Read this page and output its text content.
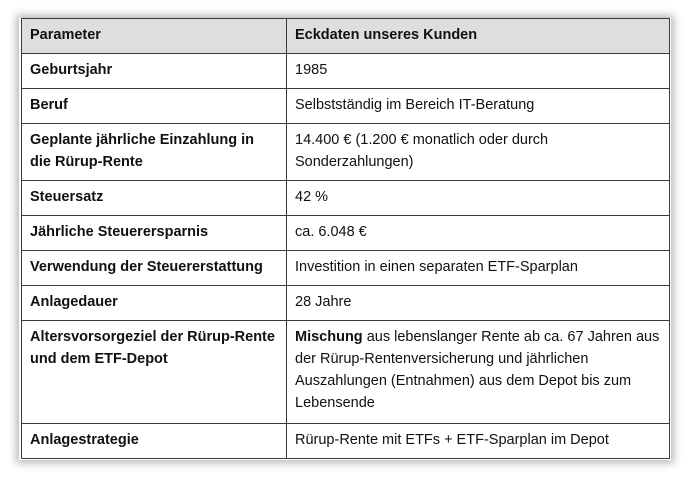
Parameter	Eckdaten unseres Kunden
Geburtsjahr	1985
Beruf	Selbstständig im Bereich IT-Beratung
Geplante jährliche Einzahlung in die Rürup-Rente	14.400 € (1.200 € monatlich oder durch Sonderzahlungen)
Steuersatz	42 %
Jährliche Steuerersparnis	ca. 6.048 €
Verwendung der Steuererstattung	Investition in einen separaten ETF-Sparplan
Anlagedauer	28 Jahre
Altersvorsorgeziel der Rürup-Rente und dem ETF-Depot	Mischung aus lebenslanger Rente ab ca. 67 Jahren aus der Rürup-Rentenversicherung und jährlichen Auszahlungen (Entnahmen) aus dem Depot bis zum Lebensende
Anlagestrategie	Rürup-Rente mit ETFs + ETF-Sparplan im Depot
